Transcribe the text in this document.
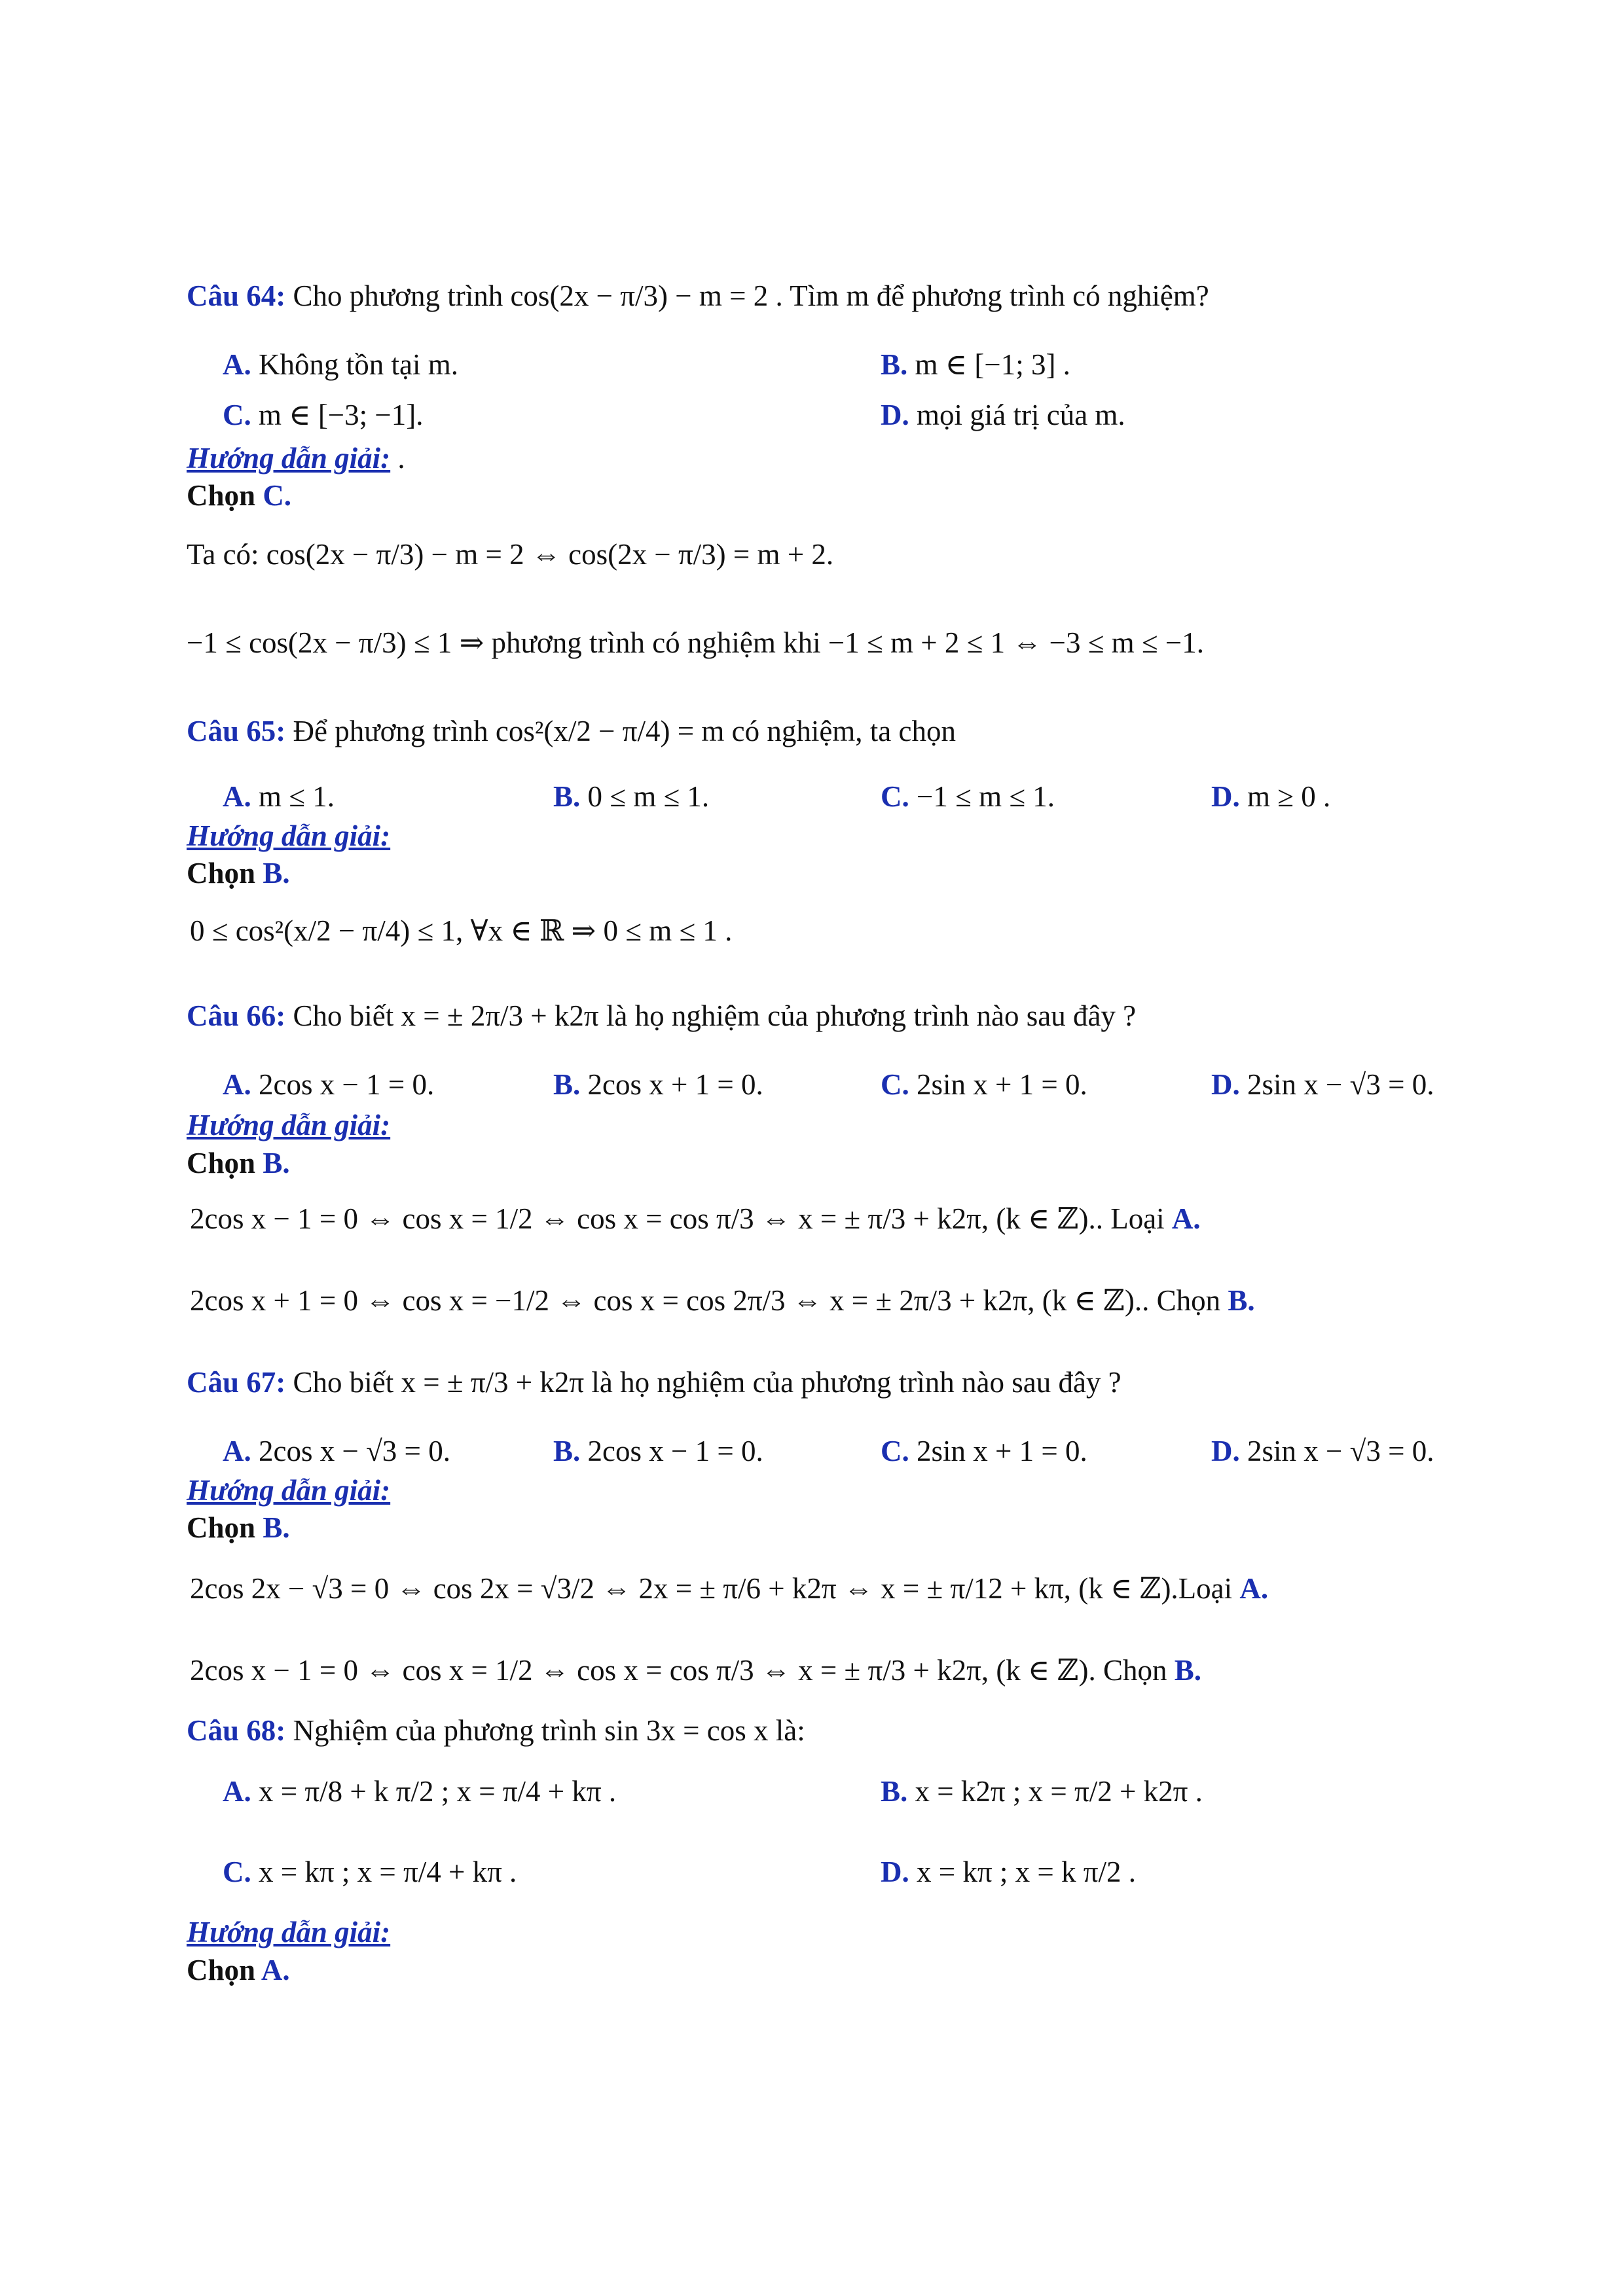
Câu 64: Cho phương trình cos(2x − π/3) − m = 2 . Tìm m để phương trình có nghiệm?
A. Không tồn tại m.	B. m ∈ [−1; 3] .
C. m ∈ [−3; −1].	D. mọi giá trị của m.
Hướng dẫn giải: .
Chọn C.
Ta có: cos(2x − π/3) − m = 2 ⇔ cos(2x − π/3) = m + 2.
−1 ≤ cos(2x − π/3) ≤ 1 ⇒ phương trình có nghiệm khi −1 ≤ m + 2 ≤ 1 ⇔ −3 ≤ m ≤ −1.
Câu 65: Để phương trình cos²(x/2 − π/4) = m có nghiệm, ta chọn
A. m ≤ 1.	B. 0 ≤ m ≤ 1.	C. −1 ≤ m ≤ 1.	D. m ≥ 0 .
Hướng dẫn giải:
Chọn B.
0 ≤ cos²(x/2 − π/4) ≤ 1, ∀x ∈ ℝ ⇒ 0 ≤ m ≤ 1 .
Câu 66: Cho biết x = ± 2π/3 + k2π là họ nghiệm của phương trình nào sau đây ?
A. 2cos x − 1 = 0.	B. 2cos x + 1 = 0.	C. 2sin x + 1 = 0.	D. 2sin x − √3 = 0.
Hướng dẫn giải:
Chọn B.
2cos x − 1 = 0 ⇔ cos x = 1/2 ⇔ cos x = cos π/3 ⇔ x = ± π/3 + k2π, (k ∈ ℤ).. Loại A.
2cos x + 1 = 0 ⇔ cos x = −1/2 ⇔ cos x = cos 2π/3 ⇔ x = ± 2π/3 + k2π, (k ∈ ℤ).. Chọn B.
Câu 67: Cho biết x = ± π/3 + k2π là họ nghiệm của phương trình nào sau đây ?
A. 2cos x − √3 = 0.	B. 2cos x − 1 = 0.	C. 2sin x + 1 = 0.	D. 2sin x − √3 = 0.
Hướng dẫn giải:
Chọn B.
2cos 2x − √3 = 0 ⇔ cos 2x = √3/2 ⇔ 2x = ± π/6 + k2π ⇔ x = ± π/12 + kπ, (k ∈ ℤ).Loại A.
2cos x − 1 = 0 ⇔ cos x = 1/2 ⇔ cos x = cos π/3 ⇔ x = ± π/3 + k2π, (k ∈ ℤ). Chọn B.
Câu 68: Nghiệm của phương trình sin 3x = cos x là:
A. x = π/8 + k π/2 ; x = π/4 + kπ .	B. x = k2π ; x = π/2 + k2π .
C. x = kπ ; x = π/4 + kπ .	D. x = kπ ; x = k π/2 .
Hướng dẫn giải:
Chọn A.
